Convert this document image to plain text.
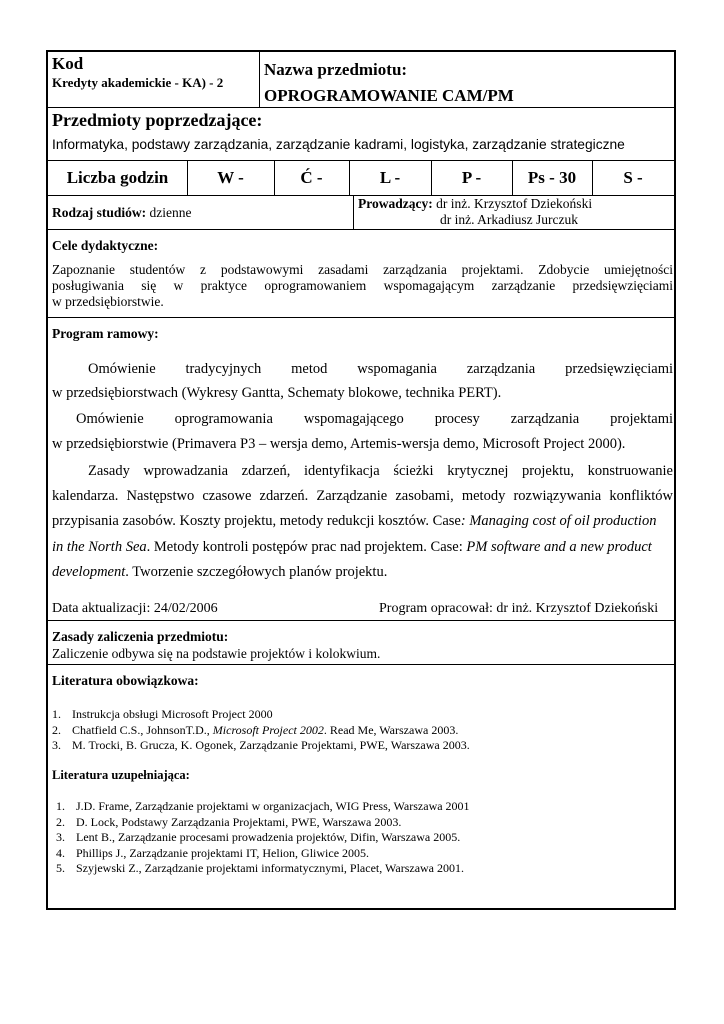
Kod
Kredyty akademickie - KA) - 2
Nazwa przedmiotu:
OPROGRAMOWANIE CAM/PM
Przedmioty poprzedzające:
Informatyka, podstawy zarządzania, zarządzanie kadrami, logistyka, zarządzanie strategiczne
Liczba godzin	W -	Ć -	L -	P -	Ps - 30	S -
Rodzaj studiów: dzienne
Prowadzący: dr inż. Krzysztof Dziekoński
dr inż. Arkadiusz Jurczuk
Cele dydaktyczne:
Zapoznanie studentów z podstawowymi zasadami zarządzania projektami. Zdobycie umiejętności
posługiwania się w praktyce oprogramowaniem wspomagającym zarządzanie przedsięwzięciami
w przedsiębiorstwie.
Program ramowy:
Omówienie tradycyjnych metod wspomagania zarządzania przedsięwzięciami
w przedsiębiorstwach (Wykresy Gantta, Schematy blokowe, technika PERT).
Omówienie oprogramowania wspomagającego procesy zarządzania projektami
w przedsiębiorstwie (Primavera P3 – wersja demo, Artemis-wersja demo, Microsoft Project 2000).
Zasady wprowadzania zdarzeń, identyfikacja ścieżki krytycznej projektu, konstruowanie
kalendarza. Następstwo czasowe zdarzeń. Zarządzanie zasobami, metody rozwiązywania konfliktów
przypisania zasobów. Koszty projektu, metody redukcji kosztów. Case: Managing cost of oil production
in the North Sea. Metody kontroli postępów prac nad projektem. Case: PM software and a new product
development. Tworzenie szczegółowych planów projektu.
Data aktualizacji: 24/02/2006	Program opracował: dr inż. Krzysztof Dziekoński
Zasady zaliczenia przedmiotu:
Zaliczenie odbywa się na podstawie projektów i kolokwium.
Literatura obowiązkowa:
1. Instrukcja obsługi Microsoft Project 2000
2. Chatfield C.S., JohnsonT.D., Microsoft Project 2002. Read Me, Warszawa 2003.
3. M. Trocki, B. Grucza, K. Ogonek, Zarządzanie Projektami, PWE, Warszawa 2003.
Literatura uzupełniająca:
1. J.D. Frame, Zarządzanie projektami w organizacjach, WIG Press, Warszawa 2001
2. D. Lock, Podstawy Zarządzania Projektami, PWE, Warszawa 2003.
3. Lent B., Zarządzanie procesami prowadzenia projektów, Difin, Warszawa 2005.
4. Phillips J., Zarządzanie projektami IT, Helion, Gliwice 2005.
5. Szyjewski Z., Zarządzanie projektami informatycznymi, Placet, Warszawa 2001.
